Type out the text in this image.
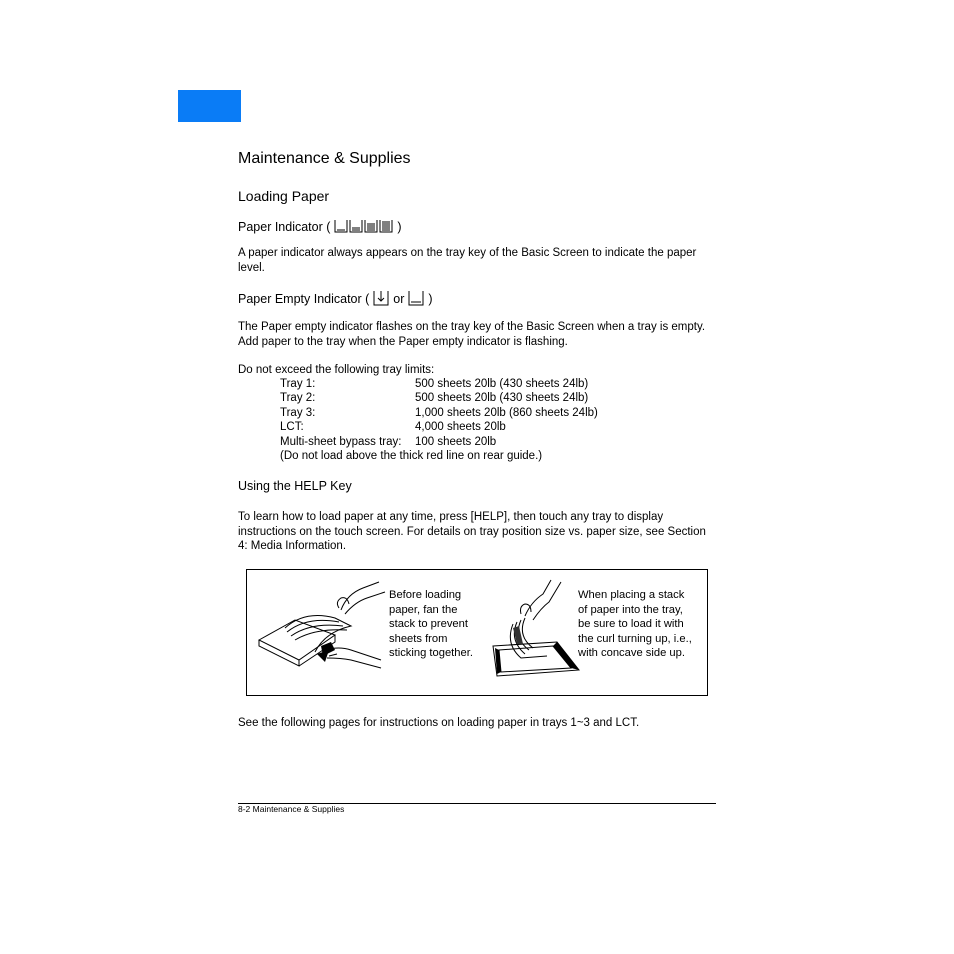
Maintenance & Supplies
Loading Paper
Paper Indicator (	)
A paper indicator always appears on the tray key of the Basic Screen to indicate the paper level.
Paper Empty Indicator ( or )
The Paper empty indicator flashes on the tray key of the Basic Screen when a tray is empty. Add paper to the tray when the Paper empty indicator is flashing.
Do not exceed the following tray limits:
Tray 1:	500 sheets 20lb (430 sheets 24lb)
Tray 2:	500 sheets 20lb (430 sheets 24lb)
Tray 3:	1,000 sheets 20lb (860 sheets 24lb)
LCT:	4,000 sheets 20lb
Multi-sheet bypass tray: 100 sheets 20lb
(Do not load above the thick red line on rear guide.)
Using the HELP Key
To learn how to load paper at any time, press [HELP], then touch any tray to display instructions on the touch screen. For details on tray position size vs. paper size, see Section 4: Media Information.
Before loading
paper, fan the
stack to prevent
sheets from
sticking together.
When placing a stack
of paper into the tray,
be sure to load it with
the curl turning up, i.e.,
with concave side up.
See the following pages for instructions on loading paper in trays 1~3 and LCT.
8-2 Maintenance & Supplies
